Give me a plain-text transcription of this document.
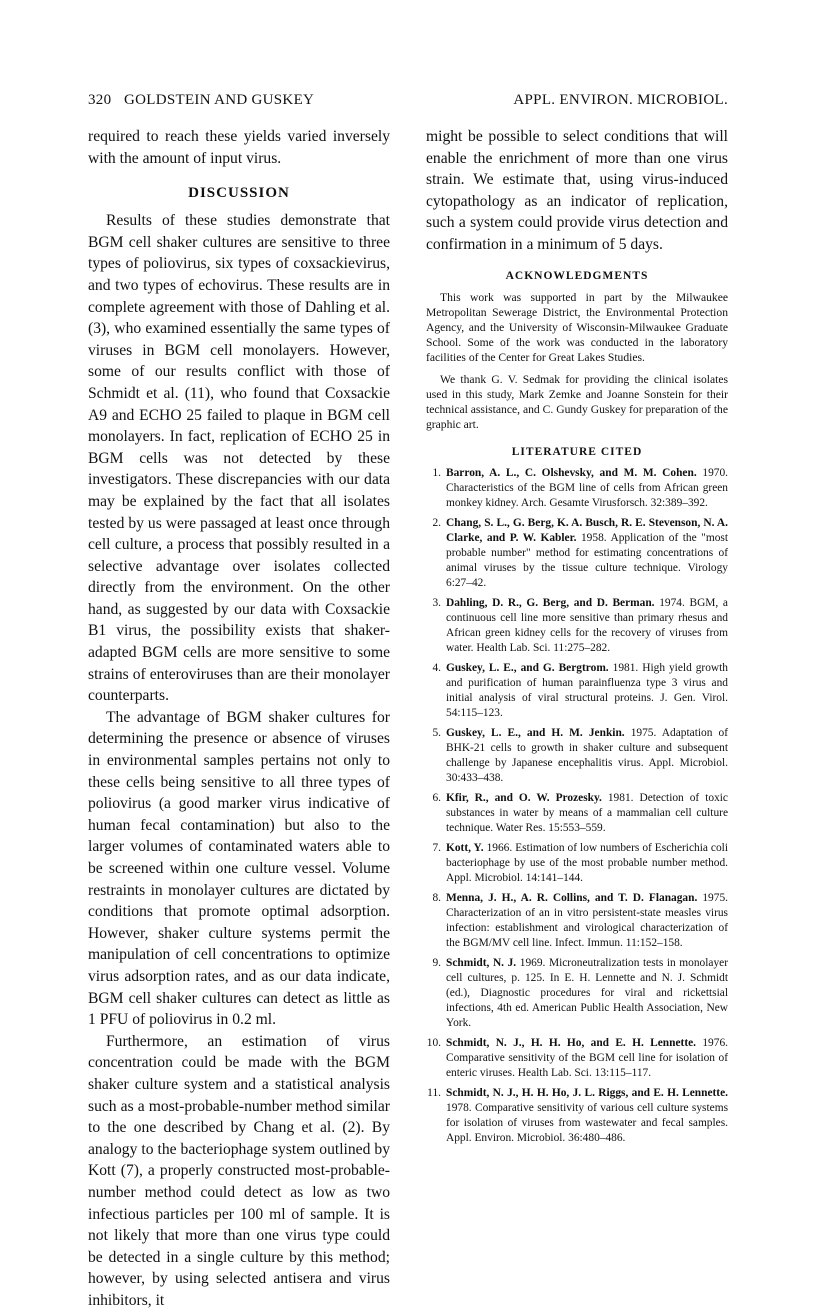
320 GOLDSTEIN AND GUSKEY	APPL. ENVIRON. MICROBIOL.

required to reach these yields varied inversely with the amount of input virus.

DISCUSSION

Results of these studies demonstrate that BGM cell shaker cultures are sensitive to three types of poliovirus, six types of coxsackievirus, and two types of echovirus. These results are in complete agreement with those of Dahling et al. (3), who examined essentially the same types of viruses in BGM cell monolayers. However, some of our results conflict with those of Schmidt et al. (11), who found that Coxsackie A9 and ECHO 25 failed to plaque in BGM cell monolayers. In fact, replication of ECHO 25 in BGM cells was not detected by these investigators. These discrepancies with our data may be explained by the fact that all isolates tested by us were passaged at least once through cell culture, a process that possibly resulted in a selective advantage over isolates collected directly from the environment. On the other hand, as suggested by our data with Coxsackie B1 virus, the possibility exists that shaker-adapted BGM cells are more sensitive to some strains of enteroviruses than are their monolayer counterparts.

The advantage of BGM shaker cultures for determining the presence or absence of viruses in environmental samples pertains not only to these cells being sensitive to all three types of poliovirus (a good marker virus indicative of human fecal contamination) but also to the larger volumes of contaminated waters able to be screened within one culture vessel. Volume restraints in monolayer cultures are dictated by conditions that promote optimal adsorption. However, shaker culture systems permit the manipulation of cell concentrations to optimize virus adsorption rates, and as our data indicate, BGM cell shaker cultures can detect as little as 1 PFU of poliovirus in 0.2 ml.

Furthermore, an estimation of virus concentration could be made with the BGM shaker culture system and a statistical analysis such as a most-probable-number method similar to the one described by Chang et al. (2). By analogy to the bacteriophage system outlined by Kott (7), a properly constructed most-probable-number method could detect as low as two infectious particles per 100 ml of sample. It is not likely that more than one virus type could be detected in a single culture by this method; however, by using selected antisera and virus inhibitors, it

might be possible to select conditions that will enable the enrichment of more than one virus strain. We estimate that, using virus-induced cytopathology as an indicator of replication, such a system could provide virus detection and confirmation in a minimum of 5 days.

ACKNOWLEDGMENTS

This work was supported in part by the Milwaukee Metropolitan Sewerage District, the Environmental Protection Agency, and the University of Wisconsin-Milwaukee Graduate School. Some of the work was conducted in the laboratory facilities of the Center for Great Lakes Studies.

We thank G. V. Sedmak for providing the clinical isolates used in this study, Mark Zemke and Joanne Sonstein for their technical assistance, and C. Gundy Guskey for preparation of the graphic art.

LITERATURE CITED
1. Barron, A. L., C. Olshevsky, and M. M. Cohen. 1970. Characteristics of the BGM line of cells from African green monkey kidney. Arch. Gesamte Virusforsch. 32:389–392.
2. Chang, S. L., G. Berg, K. A. Busch, R. E. Stevenson, N. A. Clarke, and P. W. Kabler. 1958. Application of the "most probable number" method for estimating concentrations of animal viruses by the tissue culture technique. Virology 6:27–42.
3. Dahling, D. R., G. Berg, and D. Berman. 1974. BGM, a continuous cell line more sensitive than primary rhesus and African green kidney cells for the recovery of viruses from water. Health Lab. Sci. 11:275–282.
4. Guskey, L. E., and G. Bergtrom. 1981. High yield growth and purification of human parainfluenza type 3 virus and initial analysis of viral structural proteins. J. Gen. Virol. 54:115–123.
5. Guskey, L. E., and H. M. Jenkin. 1975. Adaptation of BHK-21 cells to growth in shaker culture and subsequent challenge by Japanese encephalitis virus. Appl. Microbiol. 30:433–438.
6. Kfir, R., and O. W. Prozesky. 1981. Detection of toxic substances in water by means of a mammalian cell culture technique. Water Res. 15:553–559.
7. Kott, Y. 1966. Estimation of low numbers of Escherichia coli bacteriophage by use of the most probable number method. Appl. Microbiol. 14:141–144.
8. Menna, J. H., A. R. Collins, and T. D. Flanagan. 1975. Characterization of an in vitro persistent-state measles virus infection: establishment and virological characterization of the BGM/MV cell line. Infect. Immun. 11:152–158.
9. Schmidt, N. J. 1969. Microneutralization tests in monolayer cell cultures, p. 125. In E. H. Lennette and N. J. Schmidt (ed.), Diagnostic procedures for viral and rickettsial infections, 4th ed. American Public Health Association, New York.
10. Schmidt, N. J., H. H. Ho, and E. H. Lennette. 1976. Comparative sensitivity of the BGM cell line for isolation of enteric viruses. Health Lab. Sci. 13:115–117.
11. Schmidt, N. J., H. H. Ho, J. L. Riggs, and E. H. Lennette. 1978. Comparative sensitivity of various cell culture systems for isolation of viruses from wastewater and fecal samples. Appl. Environ. Microbiol. 36:480–486.
